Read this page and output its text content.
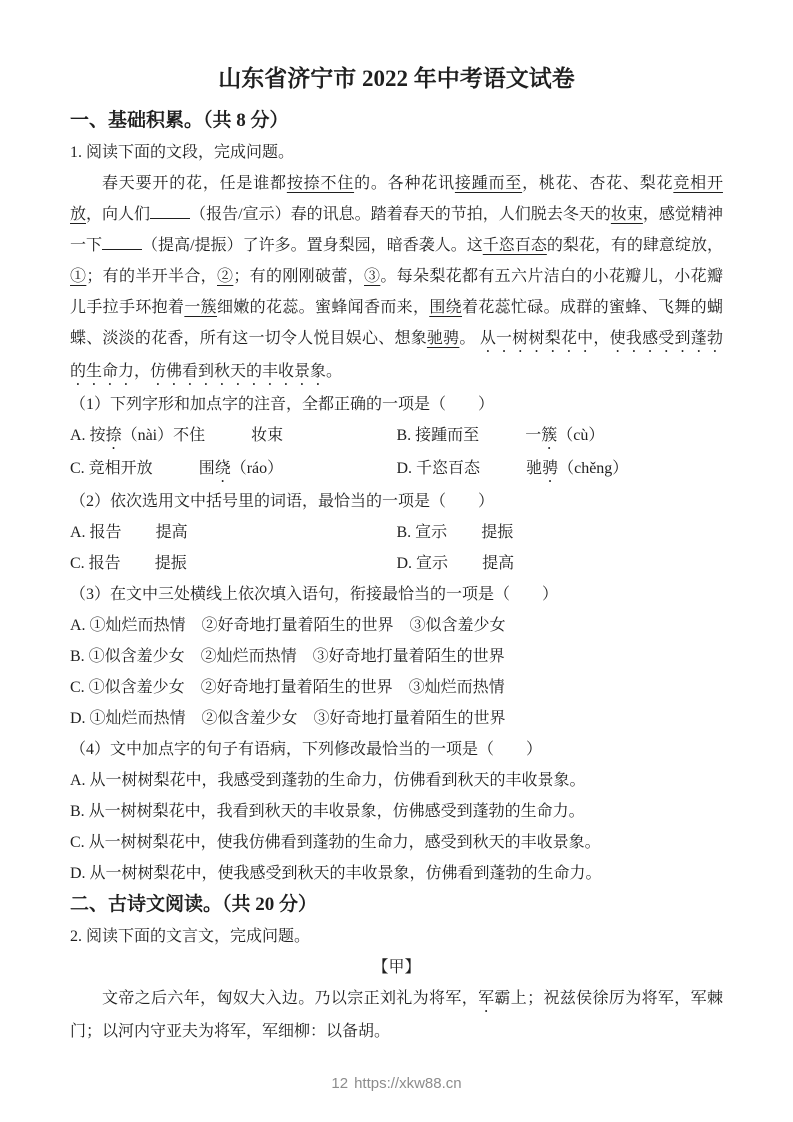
山东省济宁市 2022 年中考语文试卷
一、基础积累。（共 8 分）

1. 阅读下面的文段，完成问题。

春天要开的花，任是谁都按捺不住的。各种花讯接踵而至，桃花、杏花、梨花竞相开放，向人们	（报告/宣示）春的讯息。踏着春天的节拍，人们脱去冬天的妆束，感觉精神一下	（提高/提振）了许多。置身梨园，暗香袭人。这千恣百态的梨花，有的肆意绽放，①；有的半开半合，②；有的刚刚破蕾，③。每朵梨花都有五六片洁白的小花瓣儿，小花瓣儿手拉手环抱着一簇细嫩的花蕊。蜜蜂闻香而来，围绕着花蕊忙碌。成群的蜜蜂、飞舞的蝴蝶、淡淡的花香，所有这一切令人悦目娱心、想象驰骋。 从一树树梨花中，使我感受到蓬勃的生命力，仿佛看到秋天的丰收景象。

（1）下列字形和加点字的注音，全都正确的一项是（　　）

A. 按捺（nài）不住	妆束	B. 接踵而至	一簇（cù）

C. 竞相开放	围绕（ráo）	D. 千恣百态	驰骋（chěng）

（2）依次选用文中括号里的词语，最恰当的一项是（　　）

A. 报告 提高	B. 宣示 提振

C. 报告 提振	D. 宣示 提高

（3）在文中三处横线上依次填入语句，衔接最恰当的一项是（　　）

A. ①灿烂而热情　②好奇地打量着陌生的世界　③似含羞少女

B. ①似含羞少女　②灿烂而热情　③好奇地打量着陌生的世界

C. ①似含羞少女　②好奇地打量着陌生的世界　③灿烂而热情

D. ①灿烂而热情　②似含羞少女　③好奇地打量着陌生的世界

（4）文中加点字的句子有语病，下列修改最恰当的一项是（　　）

A. 从一树树梨花中，我感受到蓬勃的生命力，仿佛看到秋天的丰收景象。

B. 从一树树梨花中，我看到秋天的丰收景象，仿佛感受到蓬勃的生命力。

C. 从一树树梨花中，使我仿佛看到蓬勃的生命力，感受到秋天的丰收景象。

D. 从一树树梨花中，使我感受到秋天的丰收景象，仿佛看到蓬勃的生命力。

二、古诗文阅读。（共 20 分）

2. 阅读下面的文言文，完成问题。

【甲】

文帝之后六年，匈奴大入边。乃以宗正刘礼为将军，军霸上；祝兹侯徐厉为将军，军棘门；以河内守亚夫为将军，军细柳：以备胡。

12 https://xkw88.cn
